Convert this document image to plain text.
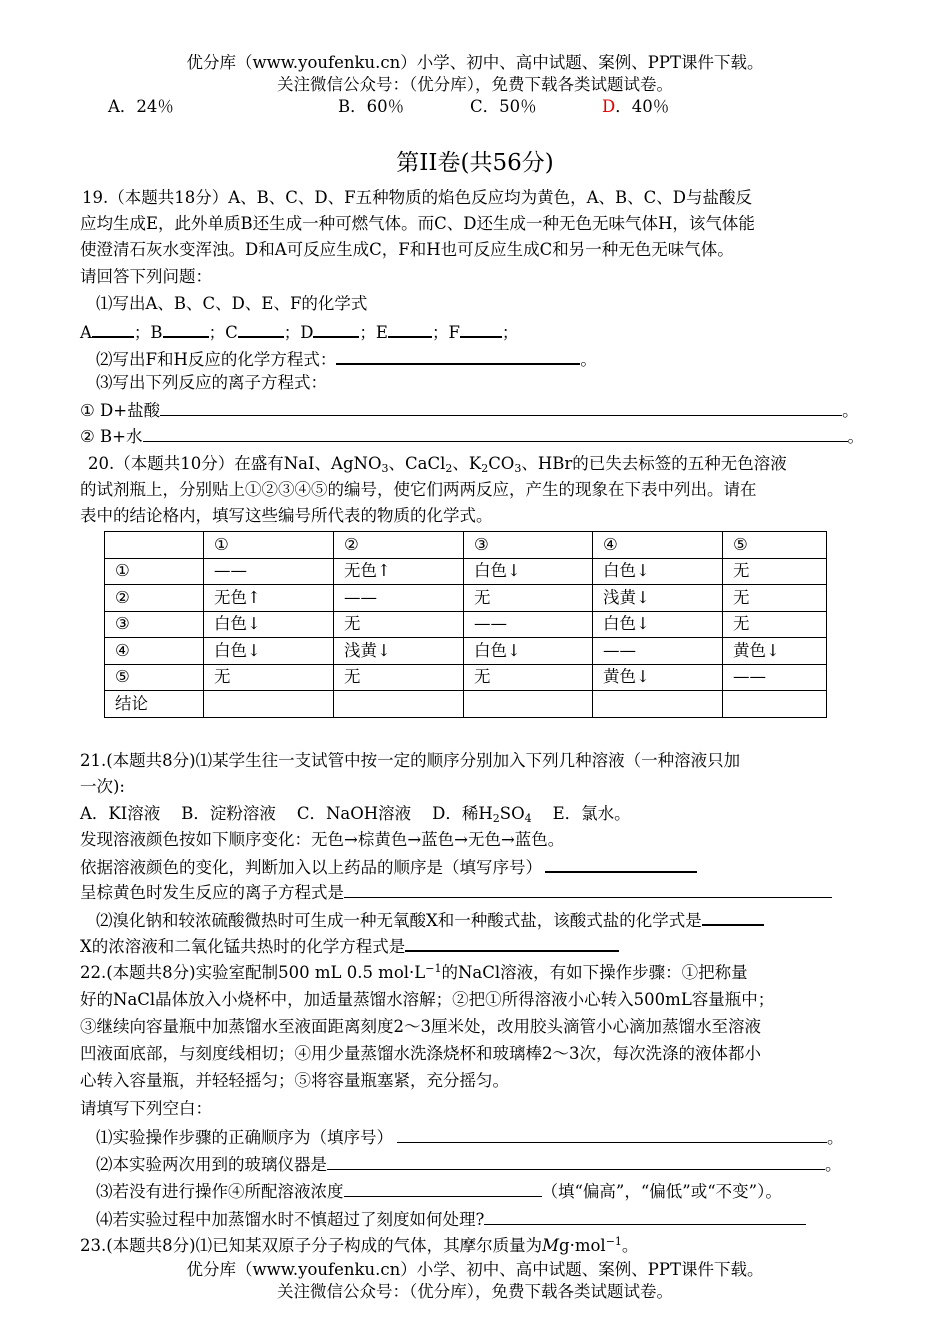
优分库（www.youfenku.cn）小学、初中、高中试题、案例、PPT课件下载。
关注微信公众号：（优分库），免费下载各类试题试卷。
A．24％	B．60％	C．50％	D．40％
第II卷(共56分)
19.（本题共18分）A、B、C、D、F五种物质的焰色反应均为黄色，A、B、C、D与盐酸反
应均生成E，此外单质B还生成一种可燃气体。而C、D还生成一种无色无味气体H，该气体能
使澄清石灰水变浑浊。D和A可反应生成C，F和H也可反应生成C和另一种无色无味气体。
请回答下列问题：
⑴写出A、B、C、D、E、F的化学式
A	；B	；C	；D	；E	；F	；
⑵写出F和H反应的化学方程式：	。
⑶写出下列反应的离子方程式：
① D+盐酸	。
② B+水	。
20.（本题共10分）在盛有NaI、AgNO$_3$、CaCl$_2$、$K_2CO_3$、HBr的已失去标签的五种无色溶液
的试剂瓶上，分别贴上①②③④⑤的编号，使它们两两反应，产生的现象在下表中列出。请在
表中的结论格内，填写这些编号所代表的物质的化学式。
	①	②	③	④	⑤
①	——	无色↑	白色↓	白色↓	无
②	无色↑	——	无	浅黄↓	无
③	白色↓	无	——	白色↓	无
④	白色↓	浅黄↓	白色↓	——	黄色↓
⑤	无	无	无	黄色↓	——
结论					
21.(本题共8分)⑴某学生往一支试管中按一定的顺序分别加入下列几种溶液（一种溶液只加
一次):
A．KI溶液    B．淀粉溶液    C．NaOH溶液    D．稀$H_2SO_4$    E．氯水。
发现溶液颜色按如下顺序变化：无色→棕黄色→蓝色→无色→蓝色。
依据溶液颜色的变化，判断加入以上药品的顺序是（填写序号）
呈棕黄色时发生反应的离子方程式是
⑵溴化钠和较浓硫酸微热时可生成一种无氧酸X和一种酸式盐，该酸式盐的化学式是
X的浓溶液和二氧化锰共热时的化学方程式是
22.(本题共8分)实验室配制500 mL 0.5 $mol\cdot L^{-1}$的NaCl溶液，有如下操作步骤：①把称量
好的NaCl晶体放入小烧杯中，加适量蒸馏水溶解；②把①所得溶液小心转入500mL容量瓶中；
③继续向容量瓶中加蒸馏水至液面距离刻度2～3厘米处，改用胶头滴管小心滴加蒸馏水至溶液
凹液面底部，与刻度线相切；④用少量蒸馏水洗涤烧杯和玻璃棒2～3次，每次洗涤的液体都小
心转入容量瓶，并轻轻摇匀；⑤将容量瓶塞紧，充分摇匀。
请填写下列空白：
⑴实验操作步骤的正确顺序为（填序号）	。
⑵本实验两次用到的玻璃仪器是	。
⑶若没有进行操作④所配溶液浓度	（填“偏高”，“偏低”或“不变”）。
⑷若实验过程中加蒸馏水时不慎超过了刻度如何处理?
23.(本题共8分)⑴已知某双原子分子构成的气体，其摩尔质量为Mg·mol$^{-1}$。
优分库（www.youfenku.cn）小学、初中、高中试题、案例、PPT课件下载。
关注微信公众号：（优分库），免费下载各类试题试卷。
